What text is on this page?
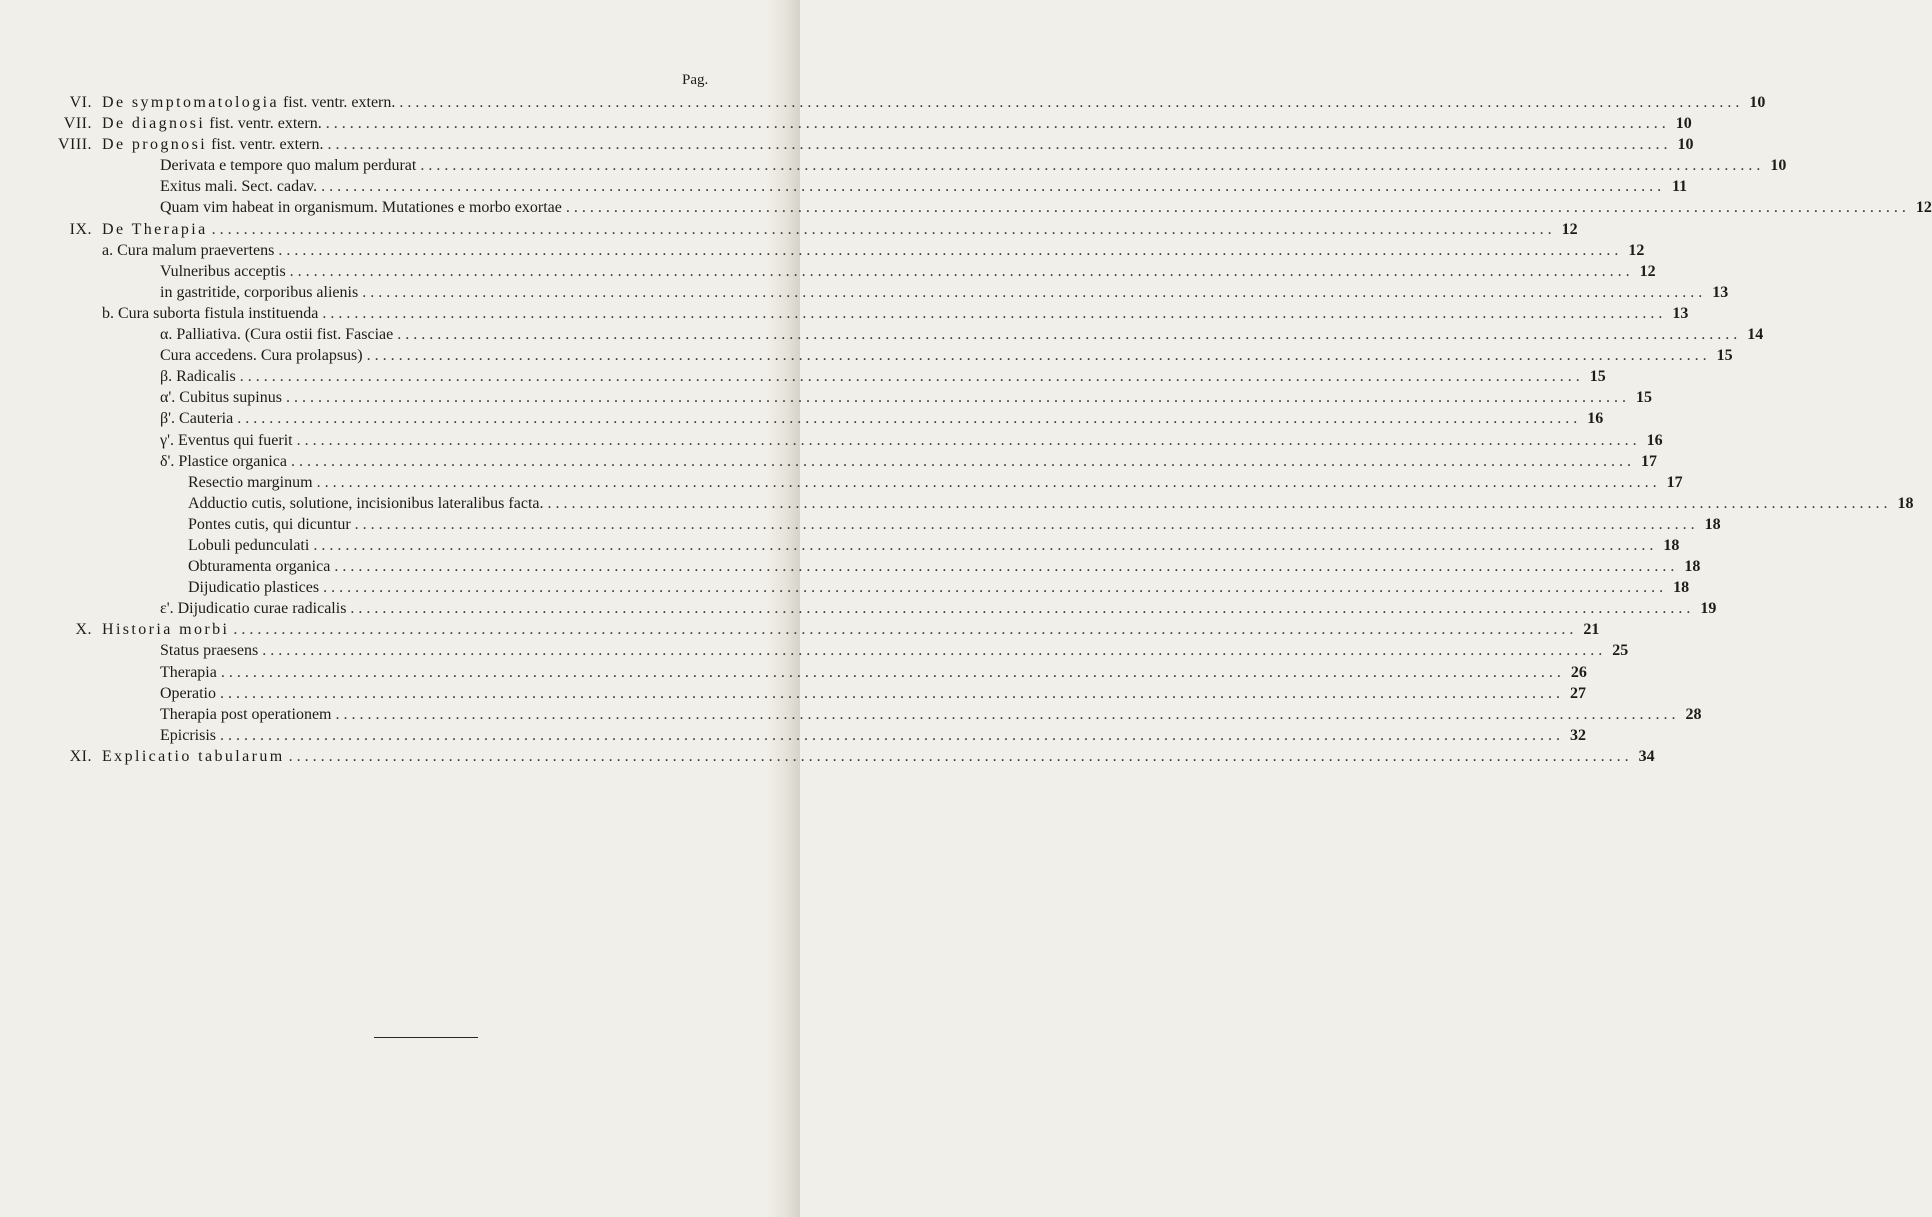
Pag.
VI. De symptomatologia fist. ventr. extern. . . .	10
VII. De diagnosi fist. ventr. extern. . . .	10
VIII. De prognosi fist. ventr. extern. . . .	10
Derivata e tempore quo malum perdurat . . .	10
Exitus mali. Sect. cadav. . . .	11
Quam vim habeat in organismum. Mutationes e morbo exortae . . .	12
IX. De Therapia . . .	12
a. Cura malum praevertens . . .	12
Vulneribus acceptis . . .	12
in gastritide, corporibus alienis . . .	13
b. Cura suborta fistula instituenda . . .	13
α. Palliativa. (Cura ostii fist. Fasciae . . .	14
Cura accedens. Cura prolapsus) . . .	15
β. Radicalis . . .	15
α'. Cubitus supinus . . .	15
β'. Cauteria . . .	16
γ'. Eventus qui fuerit . . .	16
δ'. Plastice organica . . .	17
Resectio marginum . . .	17
Adductio cutis, solutione, incisionibus lateralibus facta. . . .	18
Pontes cutis, qui dicuntur . . .	18
Lobuli pedunculati . . .	18
Obturamenta organica . . .	18
Dijudicatio plastices . . .	18
ε'. Dijudicatio curae radicalis . . .	19
X. Historia morbi . . .	21
Status praesens . . .	25
Therapia . . .	26
Operatio . . .	27
Therapia post operationem . . .	28
Epicrisis . . .	32
XI. Explicatio tabularum . . .	34
